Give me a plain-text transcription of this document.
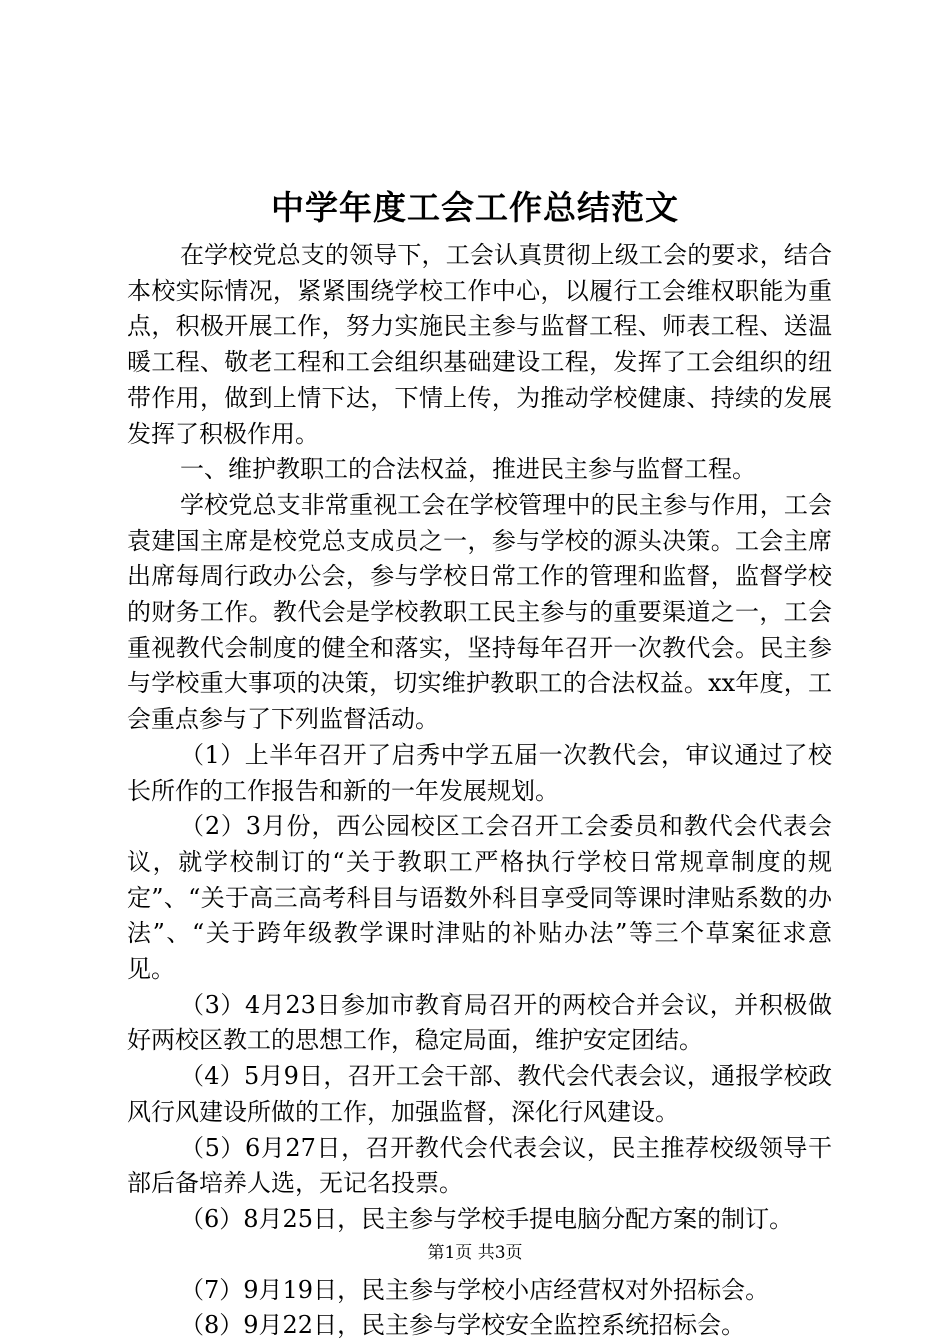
中学年度工会工作总结范文

在学校党总支的领导下，工会认真贯彻上级工会的要求，结合本校实际情况，紧紧围绕学校工作中心，以履行工会维权职能为重点，积极开展工作，努力实施民主参与监督工程、师表工程、送温暖工程、敬老工程和工会组织基础建设工程，发挥了工会组织的纽带作用，做到上情下达，下情上传，为推动学校健康、持续的发展发挥了积极作用。

一、维护教职工的合法权益，推进民主参与监督工程。

学校党总支非常重视工会在学校管理中的民主参与作用，工会袁建国主席是校党总支成员之一，参与学校的源头决策。工会主席出席每周行政办公会，参与学校日常工作的管理和监督，监督学校的财务工作。教代会是学校教职工民主参与的重要渠道之一，工会重视教代会制度的健全和落实，坚持每年召开一次教代会。民主参与学校重大事项的决策，切实维护教职工的合法权益。xx年度，工会重点参与了下列监督活动。

（1）上半年召开了启秀中学五届一次教代会，审议通过了校长所作的工作报告和新的一年发展规划。

（2）3月份，西公园校区工会召开工会委员和教代会代表会议，就学校制订的“关于教职工严格执行学校日常规章制度的规定”、“关于高三高考科目与语数外科目享受同等课时津贴系数的办法”、“关于跨年级教学课时津贴的补贴办法”等三个草案征求意见。

（3）4月23日参加市教育局召开的两校合并会议，并积极做好两校区教工的思想工作，稳定局面，维护安定团结。

（4）5月9日，召开工会干部、教代会代表会议，通报学校政风行风建设所做的工作，加强监督，深化行风建设。

（5）6月27日，召开教代会代表会议，民主推荐校级领导干部后备培养人选，无记名投票。

（6）8月25日，民主参与学校手提电脑分配方案的制订。

（7）9月19日，民主参与学校小店经营权对外招标会。

（8）9月22日，民主参与学校安全监控系统招标会。

第1页 共3页
